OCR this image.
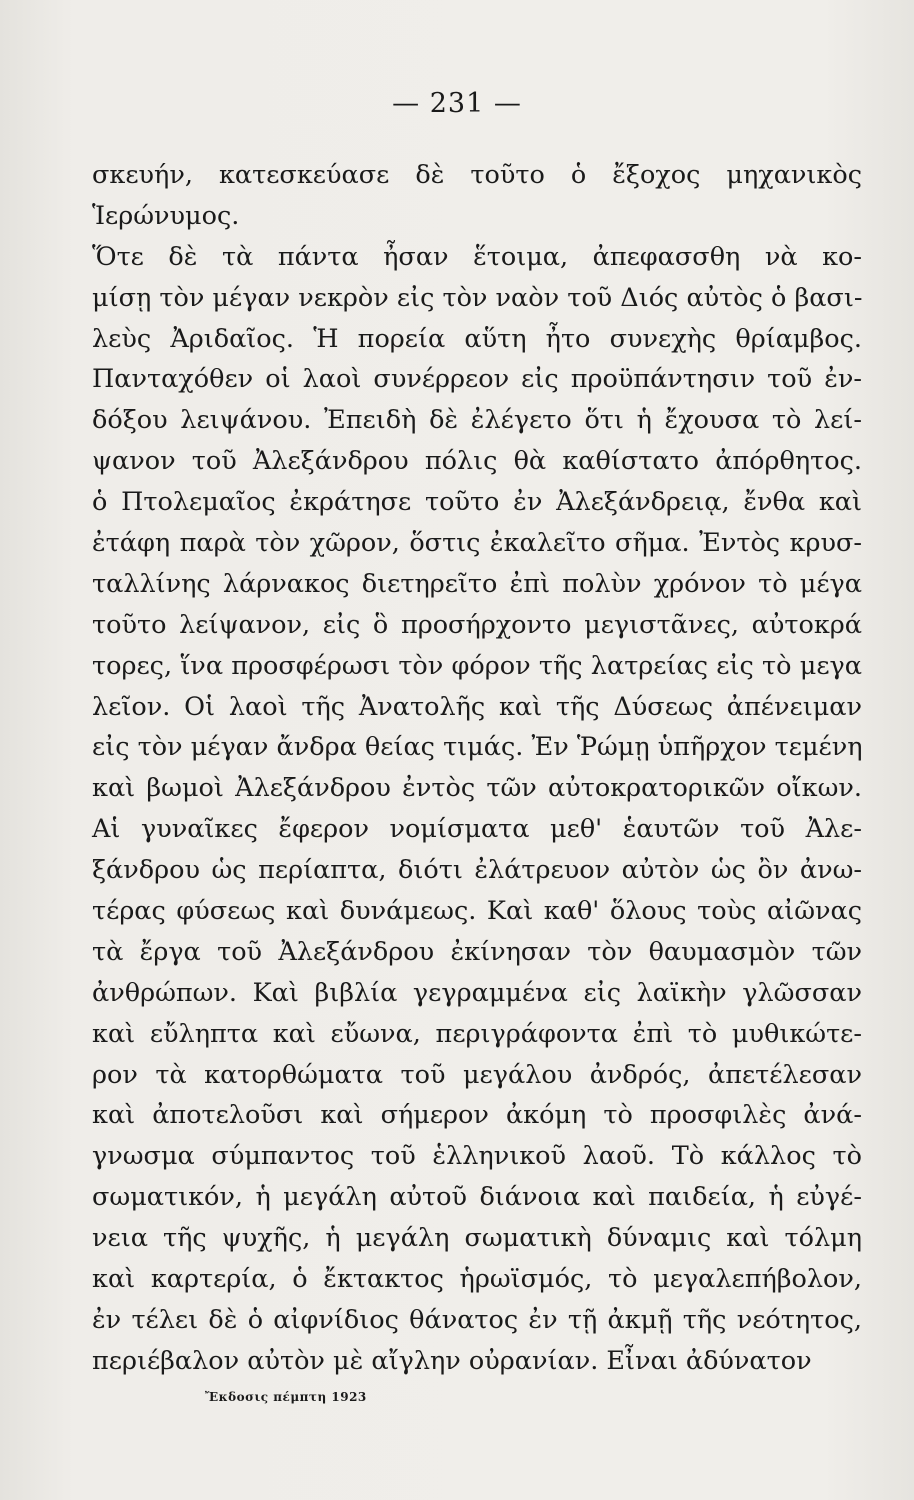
— 231 —
σκευήν, κατεσκεύασε δὲ τοῦτο ὁ ἔξοχος μηχανικὸς
Ἱερώνυμος.
Ὅτε δὲ τὰ πάντα ἦσαν ἕτοιμα, ἀπεφασσθη νὰ κο-
μίσῃ τὸν μέγαν νεκρὸν εἰς τὸν ναὸν τοῦ Διός αὐτὸς ὁ βασι-
λεὺς Ἀριδαῖος. Ἡ πορεία αὕτη ἦτο συνεχὴς θρίαμβος.
Πανταχόθεν οἱ λαοὶ συνέρρεον εἰς προϋπάντησιν τοῦ ἐν-
δόξου λειψάνου. Ἐπειδὴ δὲ ἐλέγετο ὅτι ἡ ἔχουσα τὸ λεί-
ψανον τοῦ Ἀλεξάνδρου πόλις θὰ καθίστατο ἀπόρθητος.
ὁ Πτολεμαῖος ἐκράτησε τοῦτο ἐν Ἀλεξάνδρειᾳ, ἔνθα καὶ
ἐτάφη παρὰ τὸν χῶρον, ὅστις ἐκαλεῖτο σῆμα. Ἐντὸς κρυσ-
ταλλίνης λάρνακος διετηρεῖτο ἐπὶ πολὺν χρόνον τὸ μέγα
τοῦτο λείψανον, εἰς ὃ προσήρχοντο μεγιστᾶνες, αὐτοκρά
τορες, ἵνα προσφέρωσι τὸν φόρον τῆς λατρείας εἰς τὸ μεγα
λεῖον. Οἱ λαοὶ τῆς Ἀνατολῆς καὶ τῆς Δύσεως ἀπένειμαν
εἰς τὸν μέγαν ἄνδρα θείας τιμάς. Ἐν Ῥώμῃ ὑπῆρχον τεμένη
καὶ βωμοὶ Ἀλεξάνδρου ἐντὸς τῶν αὐτοκρατορικῶν οἴκων.
Αἱ γυναῖκες ἔφερον νομίσματα μεθ' ἑαυτῶν τοῦ Ἀλε-
ξάνδρου ὡς περίαπτα, διότι ἐλάτρευον αὐτὸν ὡς ὂν ἀνω-
τέρας φύσεως καὶ δυνάμεως. Καὶ καθ' ὅλους τοὺς αἰῶνας
τὰ ἔργα τοῦ Ἀλεξάνδρου ἐκίνησαν τὸν θαυμασμὸν τῶν
ἀνθρώπων. Καὶ βιβλία γεγραμμένα εἰς λαϊκὴν γλῶσσαν
καὶ εὔληπτα καὶ εὔωνα, περιγράφοντα ἐπὶ τὸ μυθικώτε-
ρον τὰ κατορθώματα τοῦ μεγάλου ἀνδρός, ἀπετέλεσαν
καὶ ἀποτελοῦσι καὶ σήμερον ἀκόμη τὸ προσφιλὲς ἀνά-
γνωσμα σύμπαντος τοῦ ἑλληνικοῦ λαοῦ. Τὸ κάλλος τὸ
σωματικόν, ἡ μεγάλη αὐτοῦ διάνοια καὶ παιδεία, ἡ εὐγέ-
νεια τῆς ψυχῆς, ἡ μεγάλη σωματικὴ δύναμις καὶ τόλμη
καὶ καρτερία, ὁ ἔκτακτος ἡρωϊσμός, τὸ μεγαλεπήβολον,
ἐν τέλει δὲ ὁ αἰφνίδιος θάνατος ἐν τῇ ἀκμῇ τῆς νεότητος,
περιέβαλον αὐτὸν μὲ αἴγλην οὐρανίαν. Εἶναι ἀδύνατον
Ἔκδοσις πέμπτη 1923
